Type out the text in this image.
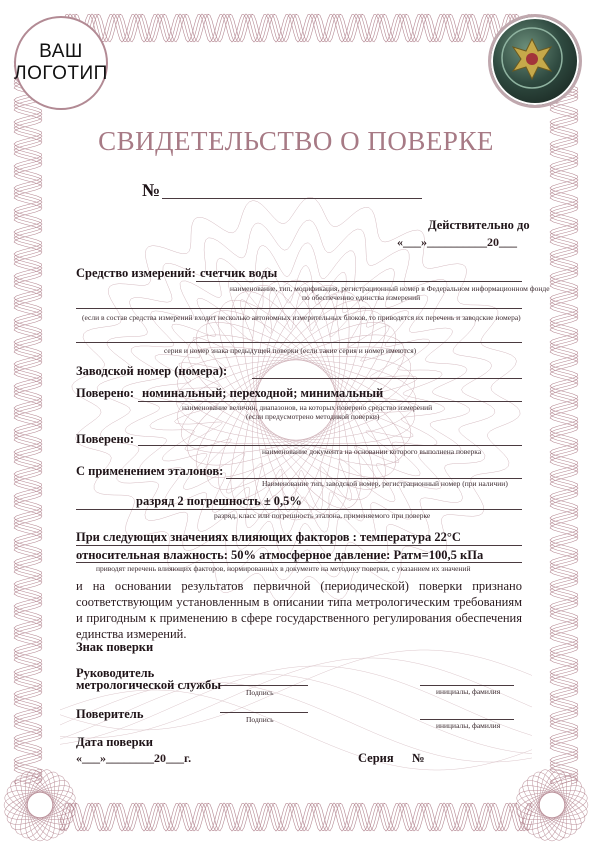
ВАШ
ЛОГОТИП
СВИДЕТЕЛЬСТВО О ПОВЕРКЕ
№
Действительно до
«___»__________20___
Средство измерений: счетчик воды
наименование, тип, модификация, регистрационный номер в Федеральном информационном фонде
по обеспечению единства измерений
(если в состав средства измерений входит несколько автономных измерительных блоков, то приводятся их перечень и заводские номера)
серия и номер знака предыдущей поверки (если такие серия и номер имеются)
Заводской номер (номера):
Поверено: номинальный; переходной; минимальный
наименование величин, диапазонов, на которых поверено средство измерений
(если предусмотрено методикой поверки)
Поверено:
наименование документа на основании которого выполнена поверка
С применением эталонов:
Наименование тип, заводской номер, регистрационный номер (при наличии)
разряд 2 погрешность ± 0,5%
разряд, класс или погрешность эталона, применяемого при поверке
При следующих значениях влияющих факторов : температура 22°С
относительная влажность: 50% атмосферное давление: Ратм=100,5 кПа
приводят перечень влияющих факторов, нормированных в документе на методику поверки, с указанием их значений
и на основании результатов первичной (периодической) поверки признано соответствующим установленным в описании типа метрологическим требованиям и пригодным к применению в сфере государственного регулирования обеспечения единства измерений.
Знак поверки
Руководитель
метрологической службы
Подпись	инициалы, фамилия
Поверитель	Подпись
инициалы, фамилия
Дата поверки
«___»________20___г.	Серия №
